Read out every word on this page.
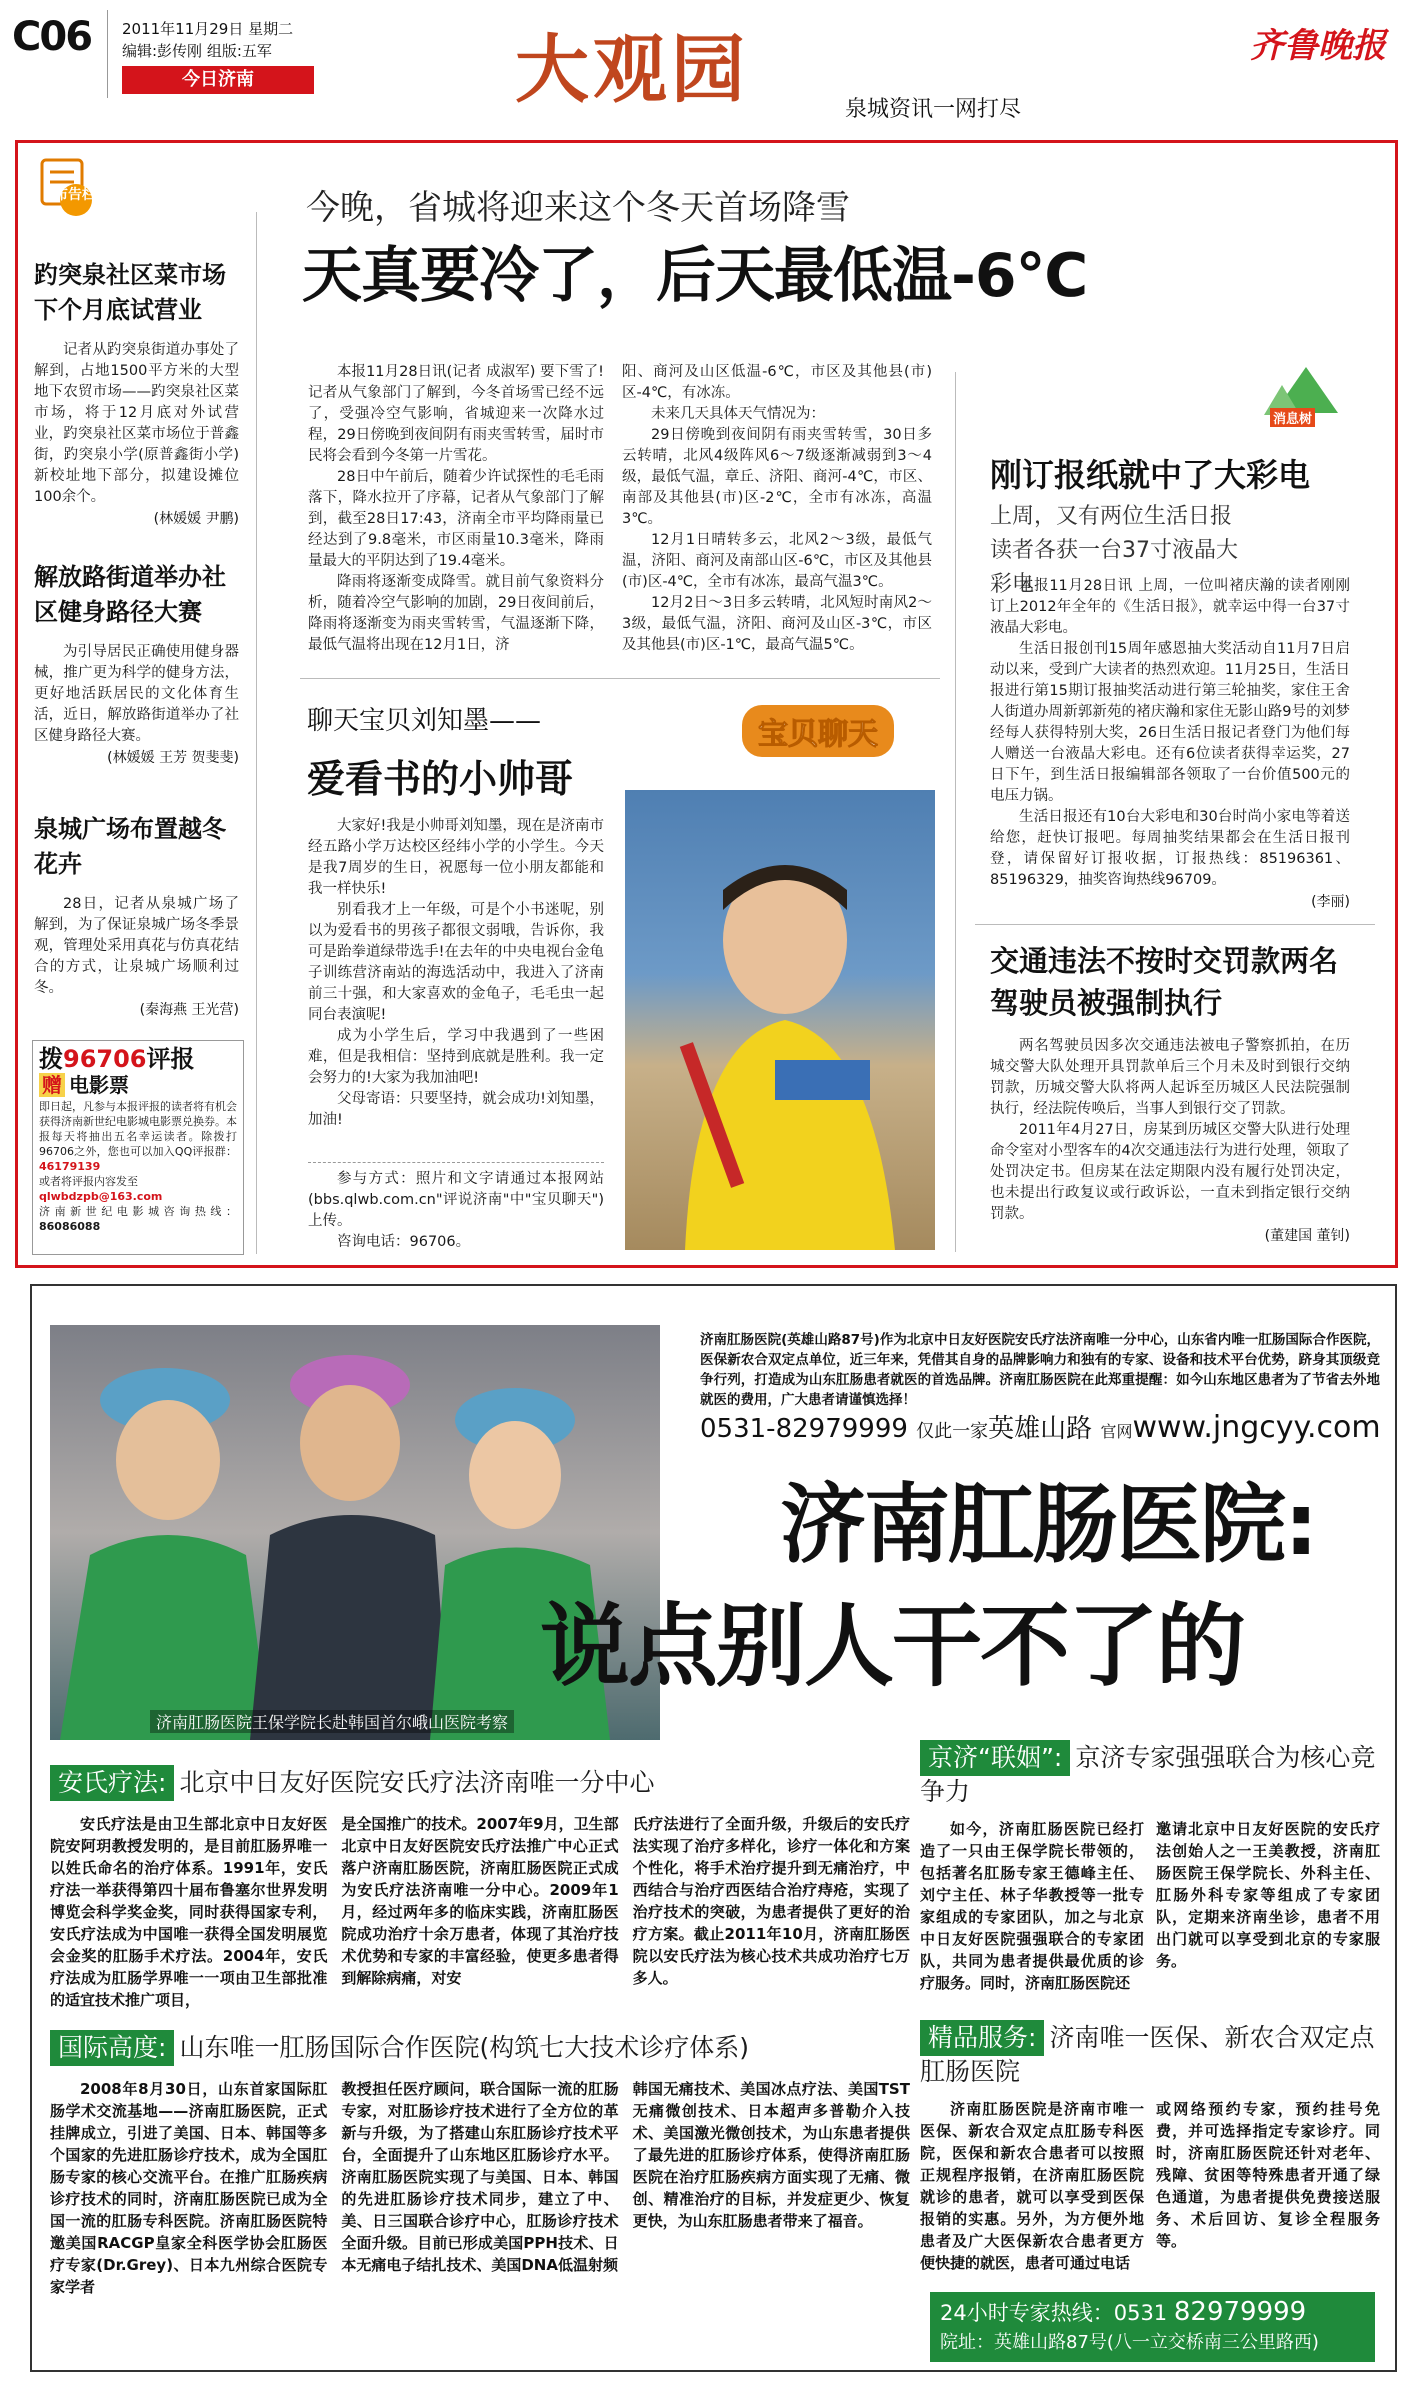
C06 2011年11月29日 星期二
编辑:彭传刚 组版:五军
今日济南	大观园	泉城资讯一网打尽
齐鲁晚报
布告栏
趵突泉社区菜市场下个月底试营业
记者从趵突泉街道办事处了解到，占地1500平方米的大型地下农贸市场——趵突泉社区菜市场，将于12月底对外试营业，趵突泉社区菜市场位于普鑫街，趵突泉小学(原普鑫街小学)新校址地下部分，拟建设摊位100余个。
(林媛媛 尹鹏)
解放路街道举办社区健身路径大赛
为引导居民正确使用健身器械，推广更为科学的健身方法，更好地活跃居民的文化体育生活，近日，解放路街道举办了社区健身路径大赛。
(林媛媛 王芳 贺斐斐)
泉城广场布置越冬花卉
28日，记者从泉城广场了解到，为了保证泉城广场冬季景观，管理处采用真花与仿真花结合的方式，让泉城广场顺利过冬。
(秦海燕 王光营)
拨96706评报
赠 电影票
即日起，凡参与本报评报的读者将有机会获得济南新世纪电影城电影票兑换券。本报每天将抽出五名幸运读者。除拨打96706之外，您也可以加入QQ评报群：46179139
或者将评报内容发至
qlwbdzpb@163.com
济南新世纪电影城咨询热线：86086088
今晚，省城将迎来这个冬天首场降雪
天真要冷了，后天最低温-6℃

本报11月28日讯(记者 成淑军) 要下雪了!记者从气象部门了解到，今冬首场雪已经不远了，受强冷空气影响，省城迎来一次降水过程，29日傍晚到夜间阴有雨夹雪转雪，届时市民将会看到今冬第一片雪花。

28日中午前后，随着少许试探性的毛毛雨落下，降水拉开了序幕，记者从气象部门了解到，截至28日17:43，济南全市平均降雨量已经达到了9.8毫米，市区雨量10.3毫米，降雨量最大的平阴达到了19.4毫米。

降雨将逐渐变成降雪。就目前气象资料分析，随着冷空气影响的加剧，29日夜间前后，降雨将逐渐变为雨夹雪转雪，气温逐渐下降，最低气温将出现在12月1日，济

阳、商河及山区低温-6℃，市区及其他县(市)区-4℃，有冰冻。

未来几天具体天气情况为：

29日傍晚到夜间阴有雨夹雪转雪，30日多云转晴，北风4级阵风6～7级逐渐减弱到3～4级，最低气温，章丘、济阳、商河-4℃，市区、南部及其他县(市)区-2℃，全市有冰冻，高温3℃。

12月1日晴转多云，北风2～3级，最低气温，济阳、商河及南部山区-6℃，市区及其他县(市)区-4℃，全市有冰冻，最高气温3℃。

12月2日～3日多云转晴，北风短时南风2～3级，最低气温，济阳、商河及山区-3℃，市区及其他县(市)区-1℃，最高气温5℃。

聊天宝贝刘知墨——
爱看书的小帅哥

大家好!我是小帅哥刘知墨，现在是济南市经五路小学万达校区经纬小学的小学生。今天是我7周岁的生日，祝愿每一位小朋友都能和我一样快乐!

别看我才上一年级，可是个小书迷呢，别以为爱看书的男孩子都很文弱哦，告诉你，我可是跆拳道绿带选手!在去年的中央电视台金龟子训练营济南站的海选活动中，我进入了济南前三十强，和大家喜欢的金龟子，毛毛虫一起同台表演呢!

成为小学生后，学习中我遇到了一些困难，但是我相信：坚持到底就是胜利。我一定会努力的!大家为我加油吧!

父母寄语：只要坚持，就会成功!刘知墨，加油!

参与方式：照片和文字请通过本报网站(bbs.qlwb.com.cn"评说济南"中"宝贝聊天")上传。

咨询电话：96706。

宝贝聊天
消息树
刚订报纸就中了大彩电
上周，又有两位生活日报读者各获一台37寸液晶大彩电

本报11月28日讯 上周，一位叫褚庆瀚的读者刚刚订上2012年全年的《生活日报》，就幸运中得一台37寸液晶大彩电。

生活日报创刊15周年感恩抽大奖活动自11月7日启动以来，受到广大读者的热烈欢迎。11月25日，生活日报进行第15期订报抽奖活动进行第三轮抽奖，家住王舍人街道办周新郭新苑的褚庆瀚和家住无影山路9号的刘梦经每人获得特别大奖，26日生活日报记者登门为他们每人赠送一台液晶大彩电。还有6位读者获得幸运奖，27日下午，到生活日报编辑部各领取了一台价值500元的电压力锅。

生活日报还有10台大彩电和30台时尚小家电等着送给您，赶快订报吧。每周抽奖结果都会在生活日报刊登，请保留好订报收据，订报热线：85196361、85196329，抽奖咨询热线96709。

(李丽)
交通违法不按时交罚款两名驾驶员被强制执行

两名驾驶员因多次交通违法被电子警察抓拍，在历城交警大队处理开具罚款单后三个月未及时到银行交纳罚款，历城交警大队将两人起诉至历城区人民法院强制执行，经法院传唤后，当事人到银行交了罚款。

2011年4月27日，房某到历城区交警大队进行处理命令室对小型客车的4次交通违法行为进行处理，领取了处罚决定书。但房某在法定期限内没有履行处罚决定，也未提出行政复议或行政诉讼，一直未到指定银行交纳罚款。

(董建国 董钊)
济南肛肠医院王保学院长赴韩国首尔峨山医院考察
济南肛肠医院(英雄山路87号)作为北京中日友好医院安氏疗法济南唯一分中心，山东省内唯一肛肠国际合作医院，医保新农合双定点单位，近三年来，凭借其自身的品牌影响力和独有的专家、设备和技术平台优势，跻身其顶级竞争行列，打造成为山东肛肠患者就医的首选品牌。济南肛肠医院在此郑重提醒：如今山东地区患者为了节省去外地就医的费用，广大患者请谨慎选择！
0531-82979999 仅此一家英雄山路 官网www.jngcyy.com
济南肛肠医院:
说点别人干不了的
安氏疗法: 北京中日友好医院安氏疗法济南唯一分中心

安氏疗法是由卫生部北京中日友好医院安阿玥教授发明的，是目前肛肠界唯一以姓氏命名的治疗体系。1991年，安氏疗法一举获得第四十届布鲁塞尔世界发明博览会科学奖金奖，同时获得国家专利，安氏疗法成为中国唯一获得全国发明展览会金奖的肛肠手术疗法。2004年，安氏疗法成为肛肠学界唯一一项由卫生部批准的适宜技术推广项目，

是全国推广的技术。2007年9月，卫生部北京中日友好医院安氏疗法推广中心正式落户济南肛肠医院，济南肛肠医院正式成为安氏疗法济南唯一分中心。2009年1月，经过两年多的临床实践，济南肛肠医院成功治疗十余万患者，体现了其治疗技术优势和专家的丰富经验，使更多患者得到解除病痛，对安

氏疗法进行了全面升级，升级后的安氏疗法实现了治疗多样化，诊疗一体化和方案个性化，将手术治疗提升到无痛治疗，中西结合与治疗西医结合治疗痔疮，实现了治疗技术的突破，为患者提供了更好的治疗方案。截止2011年10月，济南肛肠医院以安氏疗法为核心技术共成功治疗七万多人。

国际高度: 山东唯一肛肠国际合作医院(构筑七大技术诊疗体系)

2008年8月30日，山东首家国际肛肠学术交流基地——济南肛肠医院，正式挂牌成立，引进了美国、日本、韩国等多个国家的先进肛肠诊疗技术，成为全国肛肠专家的核心交流平台。在推广肛肠疾病诊疗技术的同时，济南肛肠医院已成为全国一流的肛肠专科医院。济南肛肠医院特邀美国RACGP皇家全科医学协会肛肠医疗专家(Dr.Grey)、日本九州综合医院专家学者

教授担任医疗顾问，联合国际一流的肛肠专家，对肛肠诊疗技术进行了全方位的革新与升级，为了搭建山东肛肠诊疗技术平台，全面提升了山东地区肛肠诊疗水平。济南肛肠医院实现了与美国、日本、韩国的先进肛肠诊疗技术同步，建立了中、美、日三国联合诊疗中心，肛肠诊疗技术全面升级。目前已形成美国PPH技术、日本无痛电子结扎技术、美国DNA低温射频

韩国无痛技术、美国冰点疗法、美国TST无痛微创技术、日本超声多普勒介入技术、美国激光微创技术，为山东患者提供了最先进的肛肠诊疗体系，使得济南肛肠医院在治疗肛肠疾病方面实现了无痛、微创、精准治疗的目标，并发症更少、恢复更快，为山东肛肠患者带来了福音。

京济“联姻”: 京济专家强强联合为核心竞争力

如今，济南肛肠医院已经打造了一只由王保学院长带领的，包括著名肛肠专家王德峰主任、刘宁主任、林子华教授等一批专家组成的专家团队，加之与北京中日友好医院强强联合的专家团队，共同为患者提供最优质的诊疗服务。同时，济南肛肠医院还

邀请北京中日友好医院的安氏疗法创始人之一王美教授，济南肛肠医院王保学院长、外科主任、肛肠外科专家等组成了专家团队，定期来济南坐诊，患者不用出门就可以享受到北京的专家服务。

精品服务: 济南唯一医保、新农合双定点肛肠医院

济南肛肠医院是济南市唯一医保、新农合双定点肛肠专科医院，医保和新农合患者可以按照正规程序报销，在济南肛肠医院就诊的患者，就可以享受到医保报销的实惠。另外，为方便外地患者及广大医保新农合患者更方便快捷的就医，患者可通过电话

或网络预约专家，预约挂号免费，并可选择指定专家诊疗。同时，济南肛肠医院还针对老年、残障、贫困等特殊患者开通了绿色通道，为患者提供免费接送服务、术后回访、复诊全程服务等。

24小时专家热线：0531 82979999
院址：英雄山路87号(八一立交桥南三公里路西)
